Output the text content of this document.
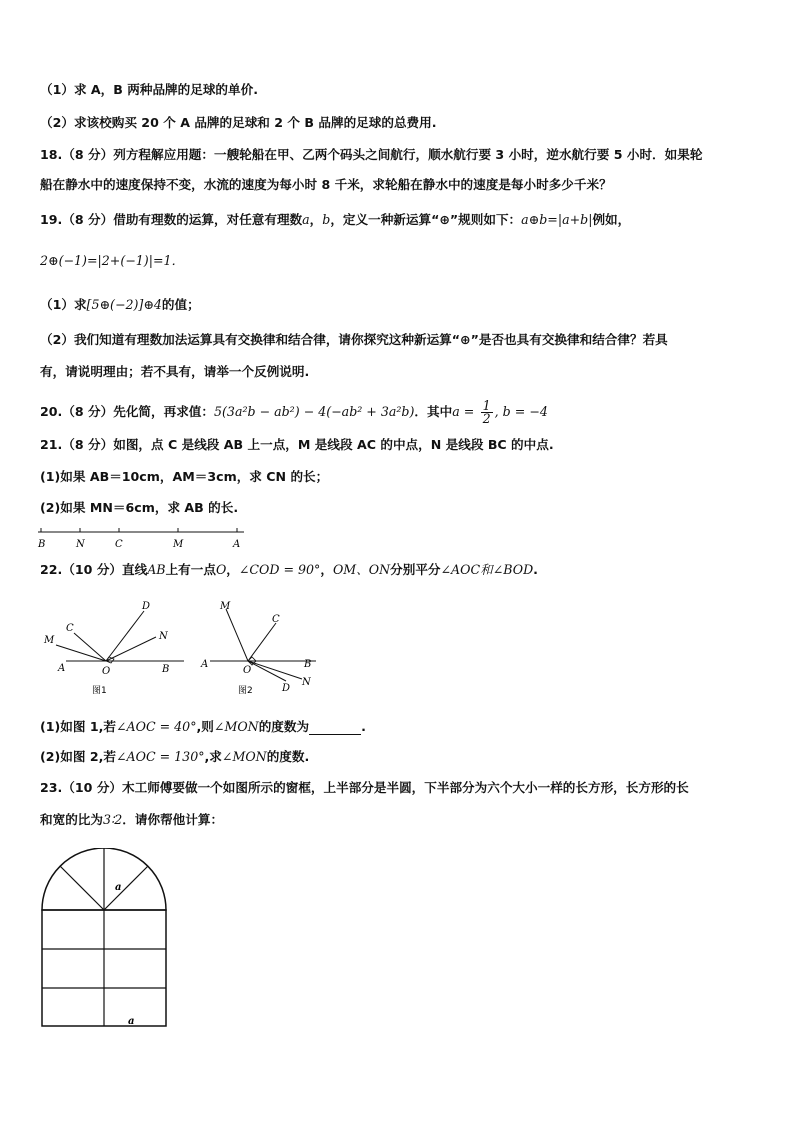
（1）求 A，B 两种品牌的足球的单价.
（2）求该校购买 20 个 A 品牌的足球和 2 个 B 品牌的足球的总费用.
18.（8 分）列方程解应用题：一艘轮船在甲、乙两个码头之间航行，顺水航行要 3 小时，逆水航行要 5 小时．如果轮
船在静水中的速度保持不变，水流的速度为每小时 8 千米，求轮船在静水中的速度是每小时多少千米？
19.（8 分）借助有理数的运算，对任意有理数a，b，定义一种新运算“⊕”规则如下：a⊕b=|a+b|例如，
2⊕(−1)=|2+(−1)|=1．
（1）求[5⊕(−2)]⊕4的值；
（2）我们知道有理数加法运算具有交换律和结合律，请你探究这种新运算“⊕”是否也具有交换律和结合律？若具
有，请说明理由；若不具有，请举一个反例说明.
20.（8 分）先化简，再求值：5(3a²b − ab²) − 4(−ab² + 3a²b)．其中$a = \frac{1}{2}$ , b = −4
21.（8 分）如图，点 C 是线段 AB 上一点，M 是线段 AC 的中点，N 是线段 BC 的中点.
(1)如果 AB＝10cm，AM＝3cm，求 CN 的长；
(2)如果 MN＝6cm，求 AB 的长.
B	N	C	M	A
22.（10 分）直线AB上有一点O，∠COD = 90°，OM、ON分别平分∠AOC和∠BOD.
D
C
M	N
A	O	B
图1
M
C
A
O
B
D
N
图2
(1)如图 1,若∠AOC = 40°,则∠MON的度数为	.
(2)如图 2,若∠AOC = 130°,求∠MON的度数.
23.（10 分）木工师傅要做一个如图所示的窗框，上半部分是半圆，下半部分为六个大小一样的长方形，长方形的长
和宽的比为3∶2．请你帮他计算：
a
a
